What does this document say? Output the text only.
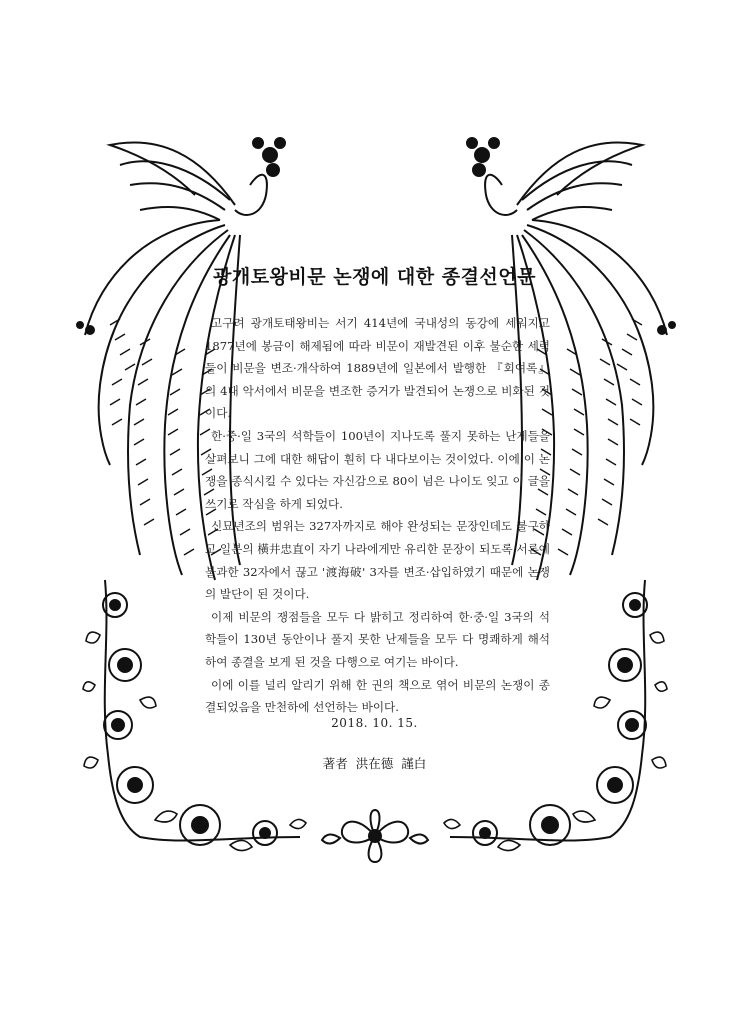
광개토왕비문 논쟁에 대한 종결선언문

고구려 광개토태왕비는 서기 414년에 국내성의 동강에 세워지고 1877년에 봉금이 해제됨에 따라 비문이 재발견된 이후 불순한 세력들이 비문을 변조·개삭하여 1889년에 일본에서 발행한 『회여록』의 4대 악서에서 비문을 변조한 증거가 발견되어 논쟁으로 비화된 것이다.

한·중·일 3국의 석학들이 100년이 지나도록 풀지 못하는 난제들을 살펴보니 그에 대한 해답이 훤히 다 내다보이는 것이었다. 이에 이 논쟁을 종식시킬 수 있다는 자신감으로 80이 넘은 나이도 잊고 이 글을 쓰기로 작심을 하게 되었다.

신묘년조의 범위는 327자까지로 해야 완성되는 문장인데도 불구하고 일본의 橫井忠直이 자기 나라에게만 유리한 문장이 되도록 서론에 불과한 32자에서 끊고 '渡海破' 3자를 변조·삽입하였기 때문에 논쟁의 발단이 된 것이다.

이제 비문의 쟁점들을 모두 다 밝히고 정리하여 한·중·일 3국의 석학들이 130년 동안이나 풀지 못한 난제들을 모두 다 명쾌하게 해석하여 종결을 보게 된 것을 다행으로 여기는 바이다.

이에 이를 널리 알리기 위해 한 권의 책으로 엮어 비문의 논쟁이 종결되었음을 만천하에 선언하는 바이다.

2018. 10. 15.
著者 洪在德 謹白
